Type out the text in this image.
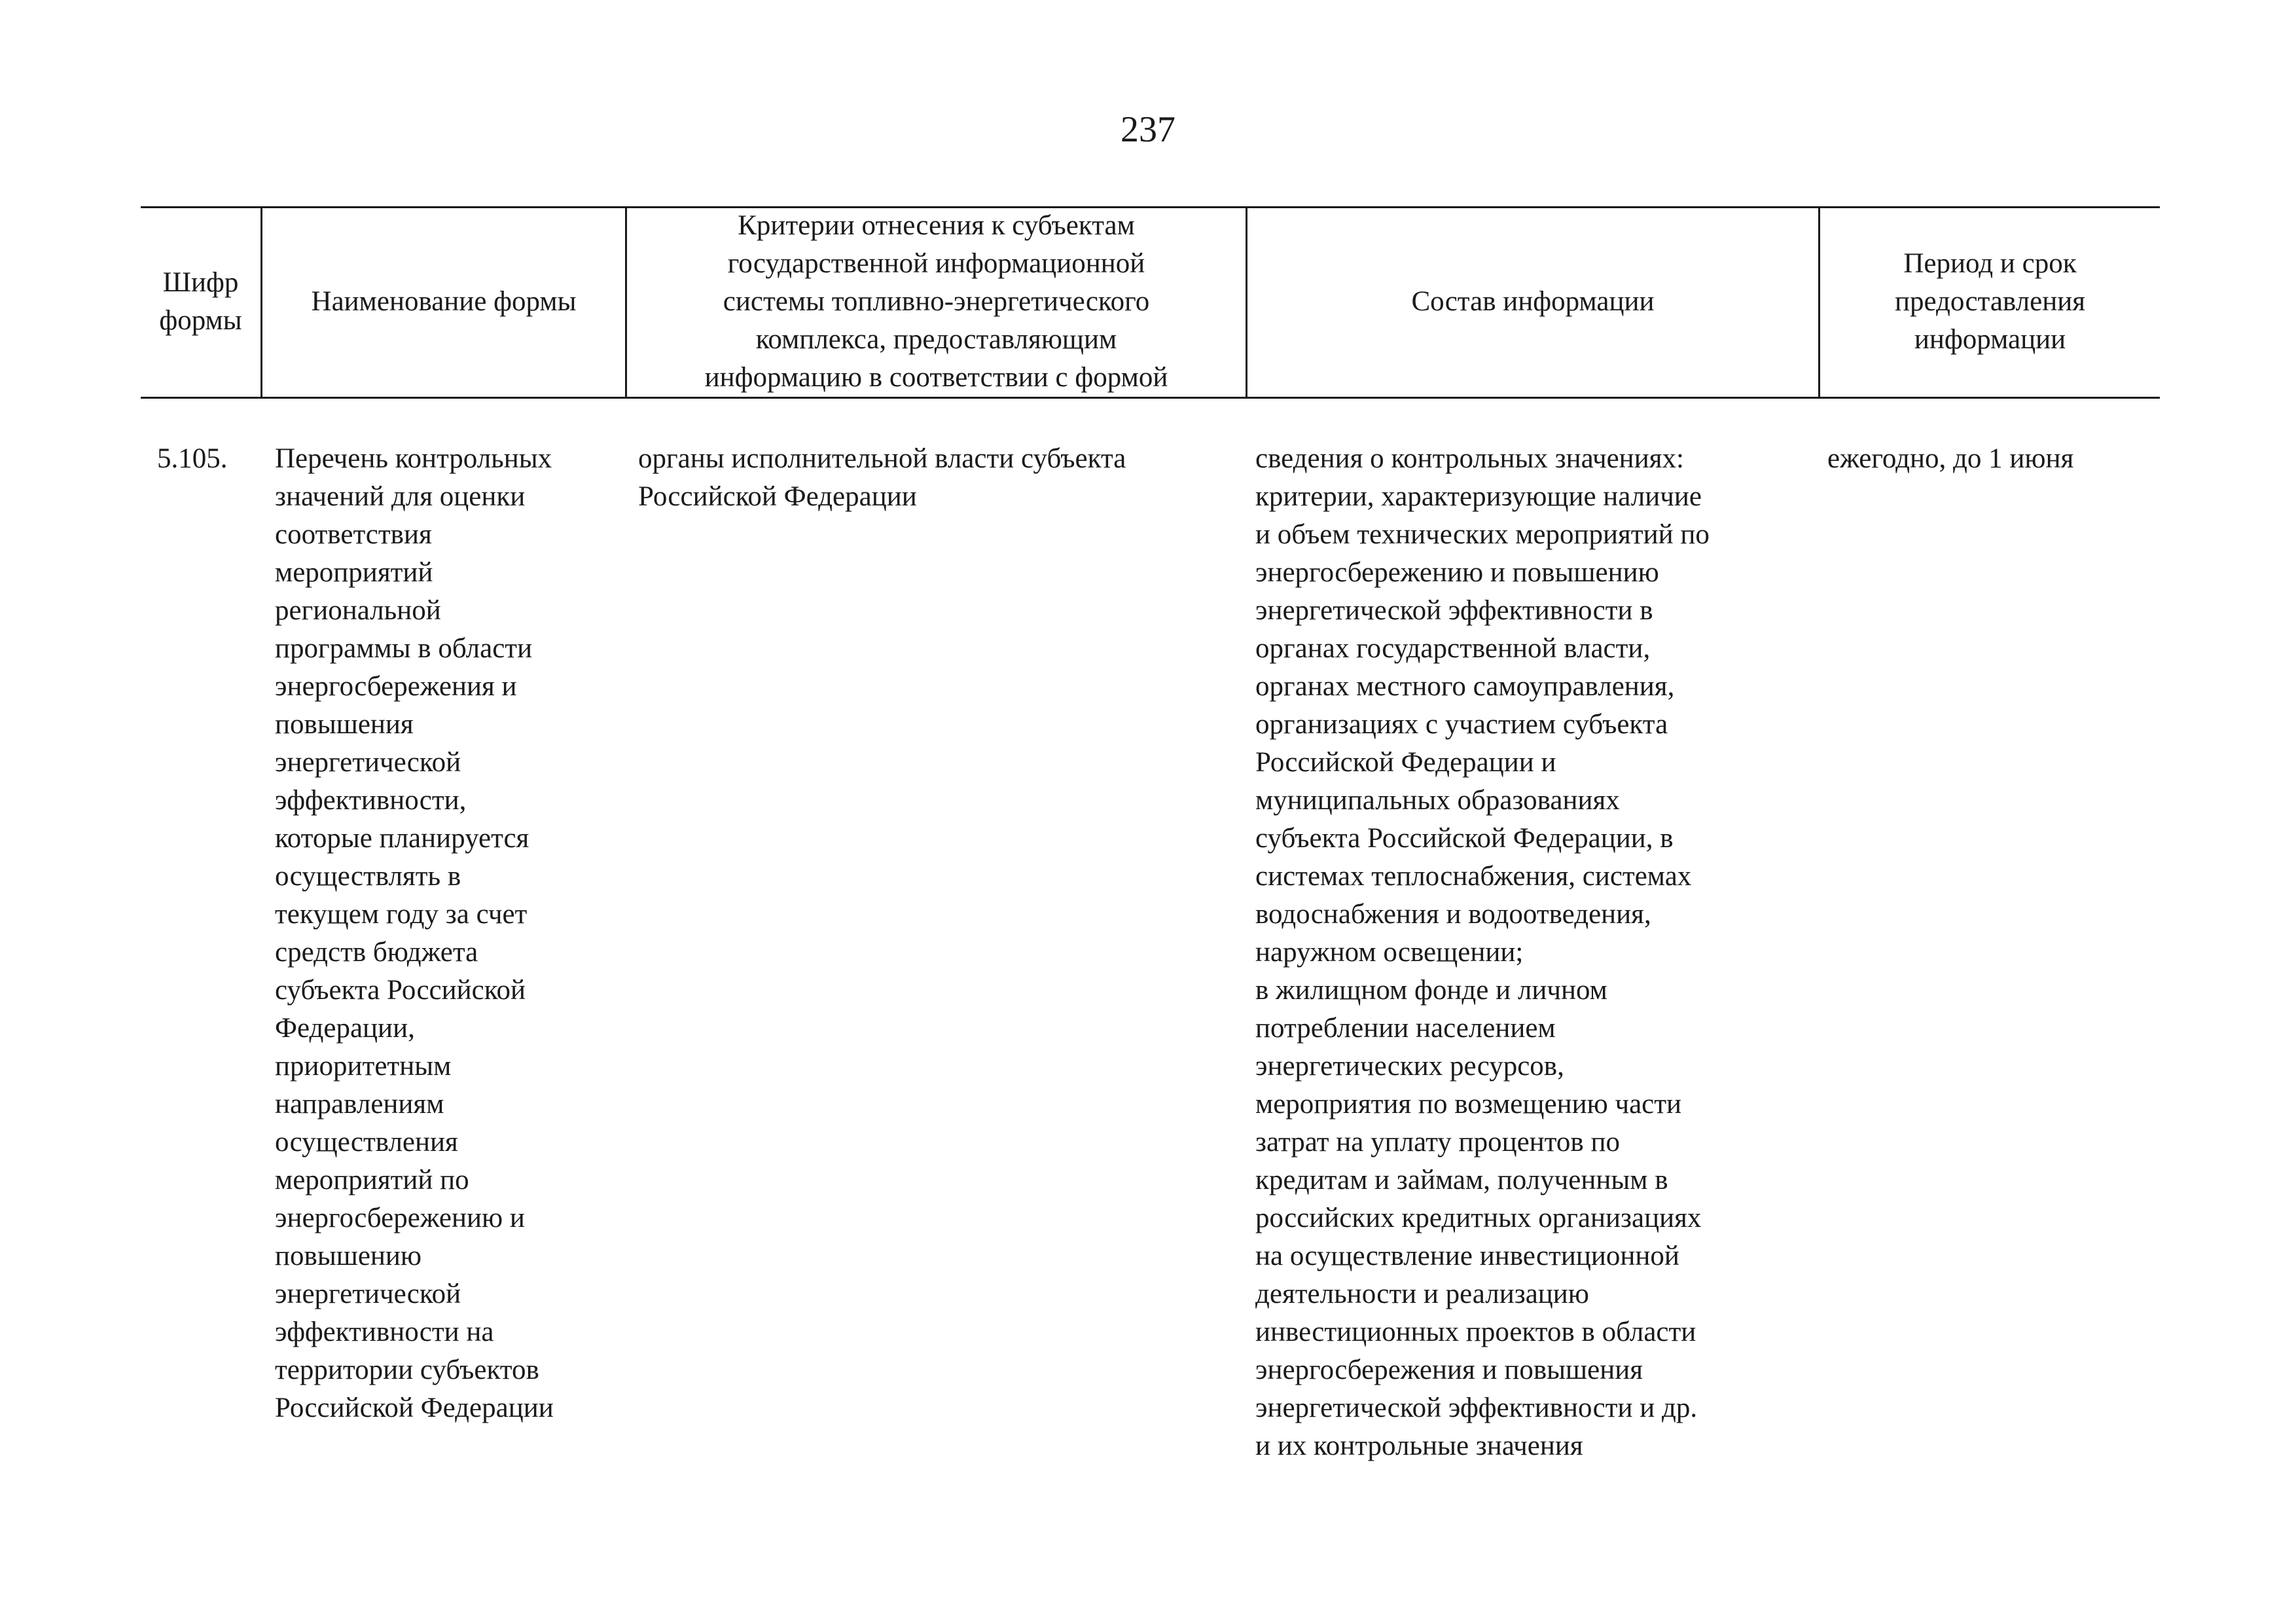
237
Шифр
формы
Наименование формы
Критерии отнесения к субъектам
государственной информационной
системы топливно-энергетического
комплекса, предоставляющим
информацию в соответствии с формой
Состав информации
Период и срок
предоставления
информации
5.105.	Перечень контрольных
значений для оценки
соответствия
мероприятий
региональной
программы в области
энергосбережения и
повышения
энергетической
эффективности,
которые планируется
осуществлять в
текущем году за счет
средств бюджета
субъекта Российской
Федерации,
приоритетным
направлениям
осуществления
мероприятий по
энергосбережению и
повышению
энергетической
эффективности на
территории субъектов
Российской Федерации
органы исполнительной власти субъекта
Российской Федерации
сведения о контрольных значениях:
критерии, характеризующие наличие
и объем технических мероприятий по
энергосбережению и повышению
энергетической эффективности в
органах государственной власти,
органах местного самоуправления,
организациях с участием субъекта
Российской Федерации и
муниципальных образованиях
субъекта Российской Федерации, в
системах теплоснабжения, системах
водоснабжения и водоотведения,
наружном освещении;
в жилищном фонде и личном
потреблении населением
энергетических ресурсов,
мероприятия по возмещению части
затрат на уплату процентов по
кредитам и займам, полученным в
российских кредитных организациях
на осуществление инвестиционной
деятельности и реализацию
инвестиционных проектов в области
энергосбережения и повышения
энергетической эффективности и др.
и их контрольные значения
ежегодно, до 1 июня
